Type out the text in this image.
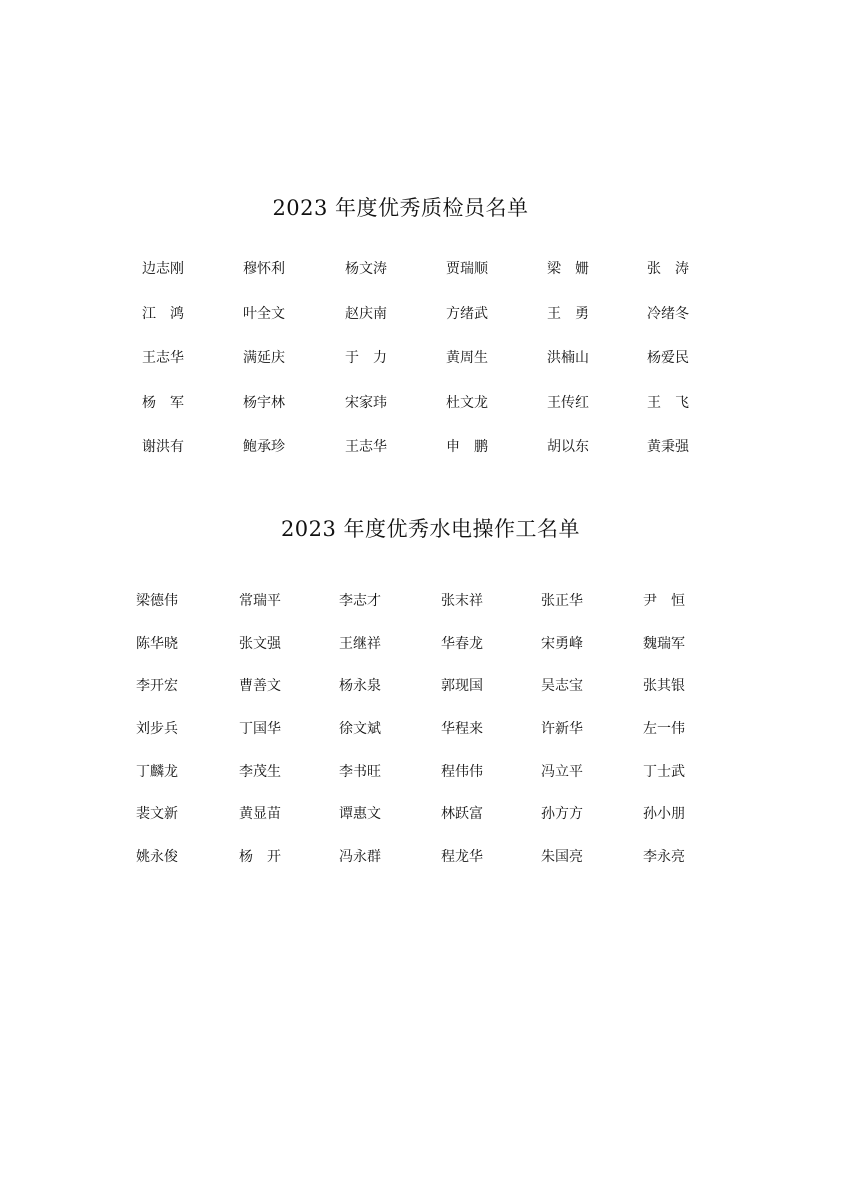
2023 年度优秀质检员名单
边志刚	穆怀利	杨文涛	贾瑞顺	梁　姗	张　涛
江　鸿	叶全文	赵庆南	方绪武	王　勇	冷绪冬
王志华	满延庆	于　力	黄周生	洪楠山	杨爱民
杨　军	杨宇林	宋家玮	杜文龙	王传红	王　飞
谢洪有	鲍承珍	王志华	申　鹏	胡以东	黄秉强
2023 年度优秀水电操作工名单
梁德伟	常瑞平	李志才	张末祥	张正华	尹　恒
陈华晓	张文强	王继祥	华春龙	宋勇峰	魏瑞军
李开宏	曹善文	杨永泉	郭现国	吴志宝	张其银
刘步兵	丁国华	徐文斌	华程来	许新华	左一伟
丁麟龙	李茂生	李书旺	程伟伟	冯立平	丁士武
裴文新	黄显苗	谭惠文	林跃富	孙方方	孙小朋
姚永俊	杨　开	冯永群	程龙华	朱国亮	李永亮
